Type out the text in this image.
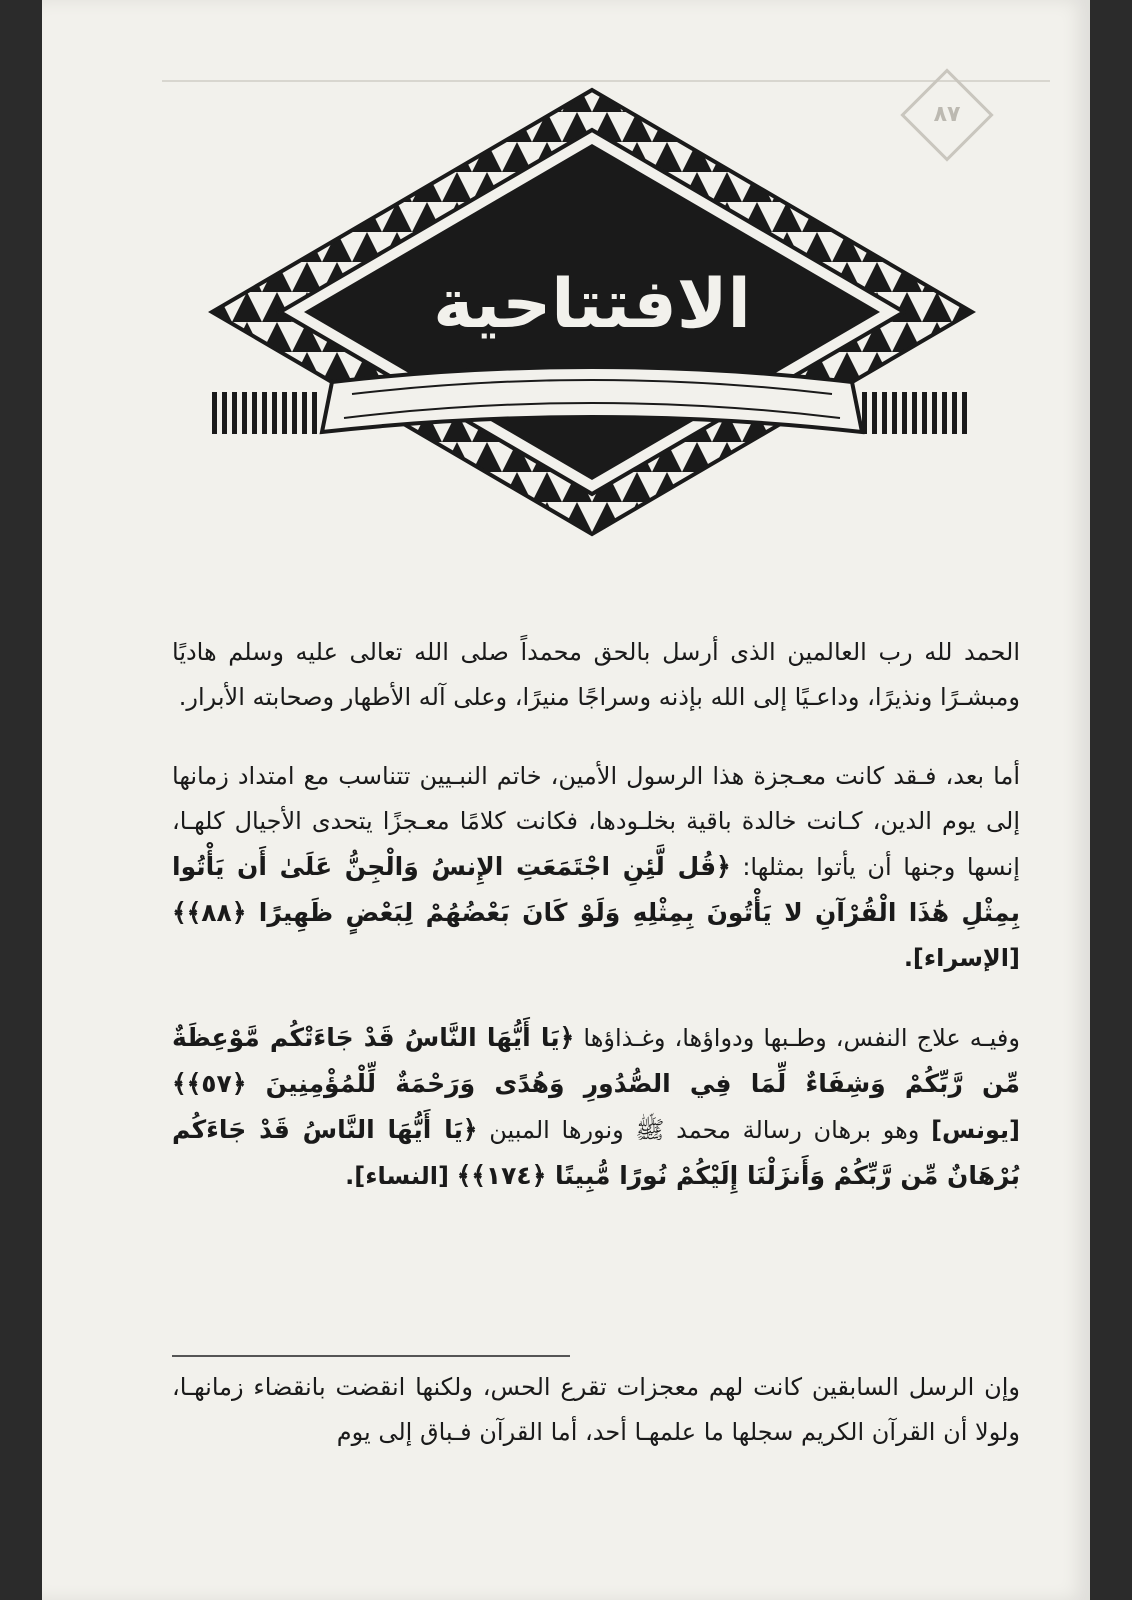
٨٧
الافتتاحية

الحمد لله رب العالمين الذى أرسل بالحق محمداً صلى الله تعالى عليه وسلم هاديًا ومبشـرًا ونذيرًا، وداعـيًا إلى الله بإذنه وسراجًا منيرًا، وعلى آله الأطهار وصحابته الأبرار.

أما بعد، فـقد كانت معـجزة هذا الرسول الأمين، خاتم النبـيين تتناسب مع امتداد زمانها إلى يوم الدين، كـانت خالدة باقية بخلـودها، فكانت كلامًا معـجزًا يتحدى الأجيال كلهـا، إنسها وجنها أن يأتوا بمثلها: ﴿قُل لَّئِنِ اجْتَمَعَتِ الإِنسُ وَالْجِنُّ عَلَىٰ أَن يَأْتُوا بِمِثْلِ هَٰذَا الْقُرْآنِ لا يَأْتُونَ بِمِثْلِهِ وَلَوْ كَانَ بَعْضُهُمْ لِبَعْضٍ ظَهِيرًا ﴿٨٨﴾﴾ [الإسراء].

وفيـه علاج النفس، وطـبها ودواؤها، وغـذاؤها ﴿يَا أَيُّهَا النَّاسُ قَدْ جَاءَتْكُم مَّوْعِظَةٌ مِّن رَّبِّكُمْ وَشِفَاءٌ لِّمَا فِي الصُّدُورِ وَهُدًى وَرَحْمَةٌ لِّلْمُؤْمِنِينَ ﴿٥٧﴾﴾ [يونس] وهو برهان رسالة محمد ﷺ ونورها المبين ﴿يَا أَيُّهَا النَّاسُ قَدْ جَاءَكُم بُرْهَانٌ مِّن رَّبِّكُمْ وَأَنزَلْنَا إِلَيْكُمْ نُورًا مُّبِينًا ﴿١٧٤﴾﴾ [النساء].

وإن الرسل السابقين كانت لهم معجزات تقرع الحس، ولكنها انقضت بانقضاء زمانهـا، ولولا أن القرآن الكريم سجلها ما علمهـا أحد، أما القرآن فـباق إلى يوم
